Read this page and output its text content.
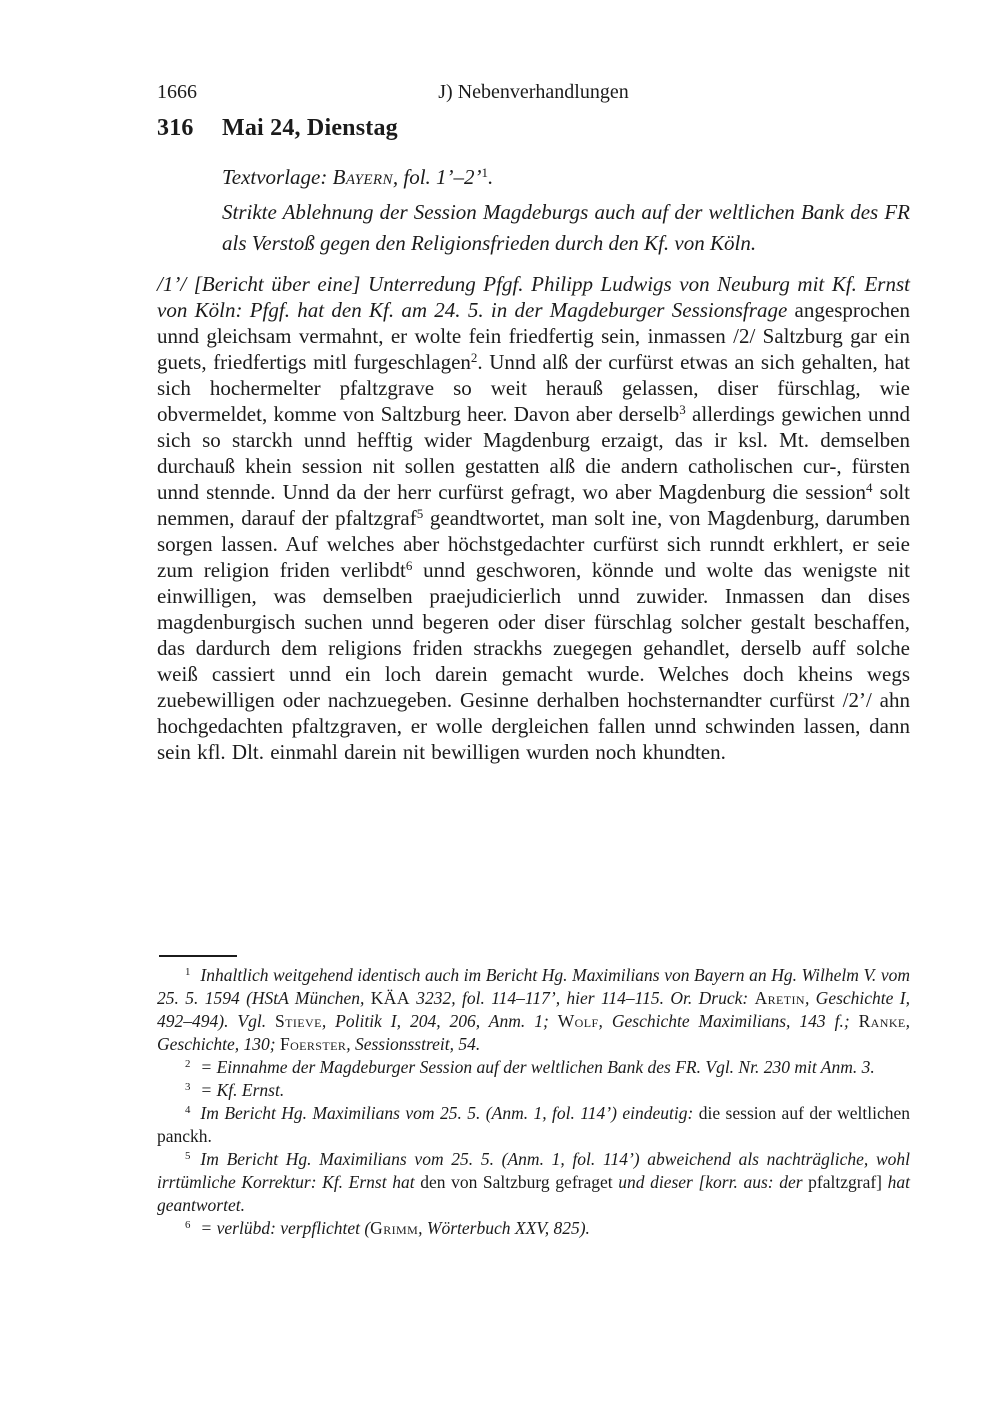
1666	J) Nebenverhandlungen
316 Mai 24, Dienstag
Textvorlage: Bayern, fol. 1’–2’$^1$.
Strikte Ablehnung der Session Magdeburgs auch auf der weltlichen Bank des FR als Verstoß gegen den Religionsfrieden durch den Kf. von Köln.
/1’/ [Bericht über eine] Unterredung Pfgf. Philipp Ludwigs von Neuburg mit Kf. Ernst von Köln: Pfgf. hat den Kf. am 24. 5. in der Magdeburger Sessionsfrage angesprochen unnd gleichsam vermahnt, er wolte fein friedfertig sein, inmassen /2/ Saltzburg gar ein guets, friedfertigs mitl furgeschlagen$^2$. Unnd alß der curfürst etwas an sich gehalten, hat sich hochermelter pfaltzgrave so weit herauß gelassen, diser fürschlag, wie obvermeldet, komme von Saltzburg heer. Davon aber derselb$^3$ allerdings gewichen unnd sich so starckh unnd hefftig wider Magdenburg erzaigt, das ir ksl. Mt. demselben durchauß khein session nit sollen gestatten alß die andern catholischen cur-, fürsten unnd stennde. Unnd da der herr curfürst gefragt, wo aber Magdenburg die session$^4$ solt nemmen, darauf der pfaltzgraf$^5$ geandtwortet, man solt ine, von Magdenburg, darumben sorgen lassen. Auf welches aber höchstgedachter curfürst sich runndt erkhlert, er seie zum religion friden verlibdt$^6$ unnd geschworen, könnde und wolte das wenigste nit einwilligen, was demselben praejudicierlich unnd zuwider. Inmassen dan dises magdenburgisch suchen unnd begeren oder diser fürschlag solcher gestalt beschaffen, das dardurch dem religions friden strackhs zuegegen gehandlet, derselb auff solche weiß cassiert unnd ein loch darein gemacht wurde. Welches doch kheins wegs zuebewilligen oder nachzuegeben. Gesinne derhalben hochsternandter curfürst /2’/ ahn hochgedachten pfaltzgraven, er wolle dergleichen fallen unnd schwinden lassen, dann sein kfl. Dlt. einmahl darein nit bewilligen wurden noch khundten.

$^1$ Inhaltlich weitgehend identisch auch im Bericht Hg. Maximilians von Bayern an Hg. Wilhelm V. vom 25. 5. 1594 (HStA München, KÄA 3232, fol. 114–117’, hier 114–115. Or. Druck: Aretin, Geschichte I, 492–494). Vgl. Stieve, Politik I, 204, 206, Anm. 1; Wolf, Geschichte Maximilians, 143 f.; Ranke, Geschichte, 130; Foerster, Sessionsstreit, 54.

$^2$ = Einnahme der Magdeburger Session auf der weltlichen Bank des FR. Vgl. Nr. 230 mit Anm. 3.

$^3$ = Kf. Ernst.

$^4$ Im Bericht Hg. Maximilians vom 25. 5. (Anm. 1, fol. 114’) eindeutig: die session auf der weltlichen panckh.

$^5$ Im Bericht Hg. Maximilians vom 25. 5. (Anm. 1, fol. 114’) abweichend als nachträgliche, wohl irrtümliche Korrektur: Kf. Ernst hat den von Saltzburg gefraget und dieser [korr. aus: der pfaltzgraf] hat geantwortet.

$^6$ = verlübd: verpflichtet (Grimm, Wörterbuch XXV, 825).
